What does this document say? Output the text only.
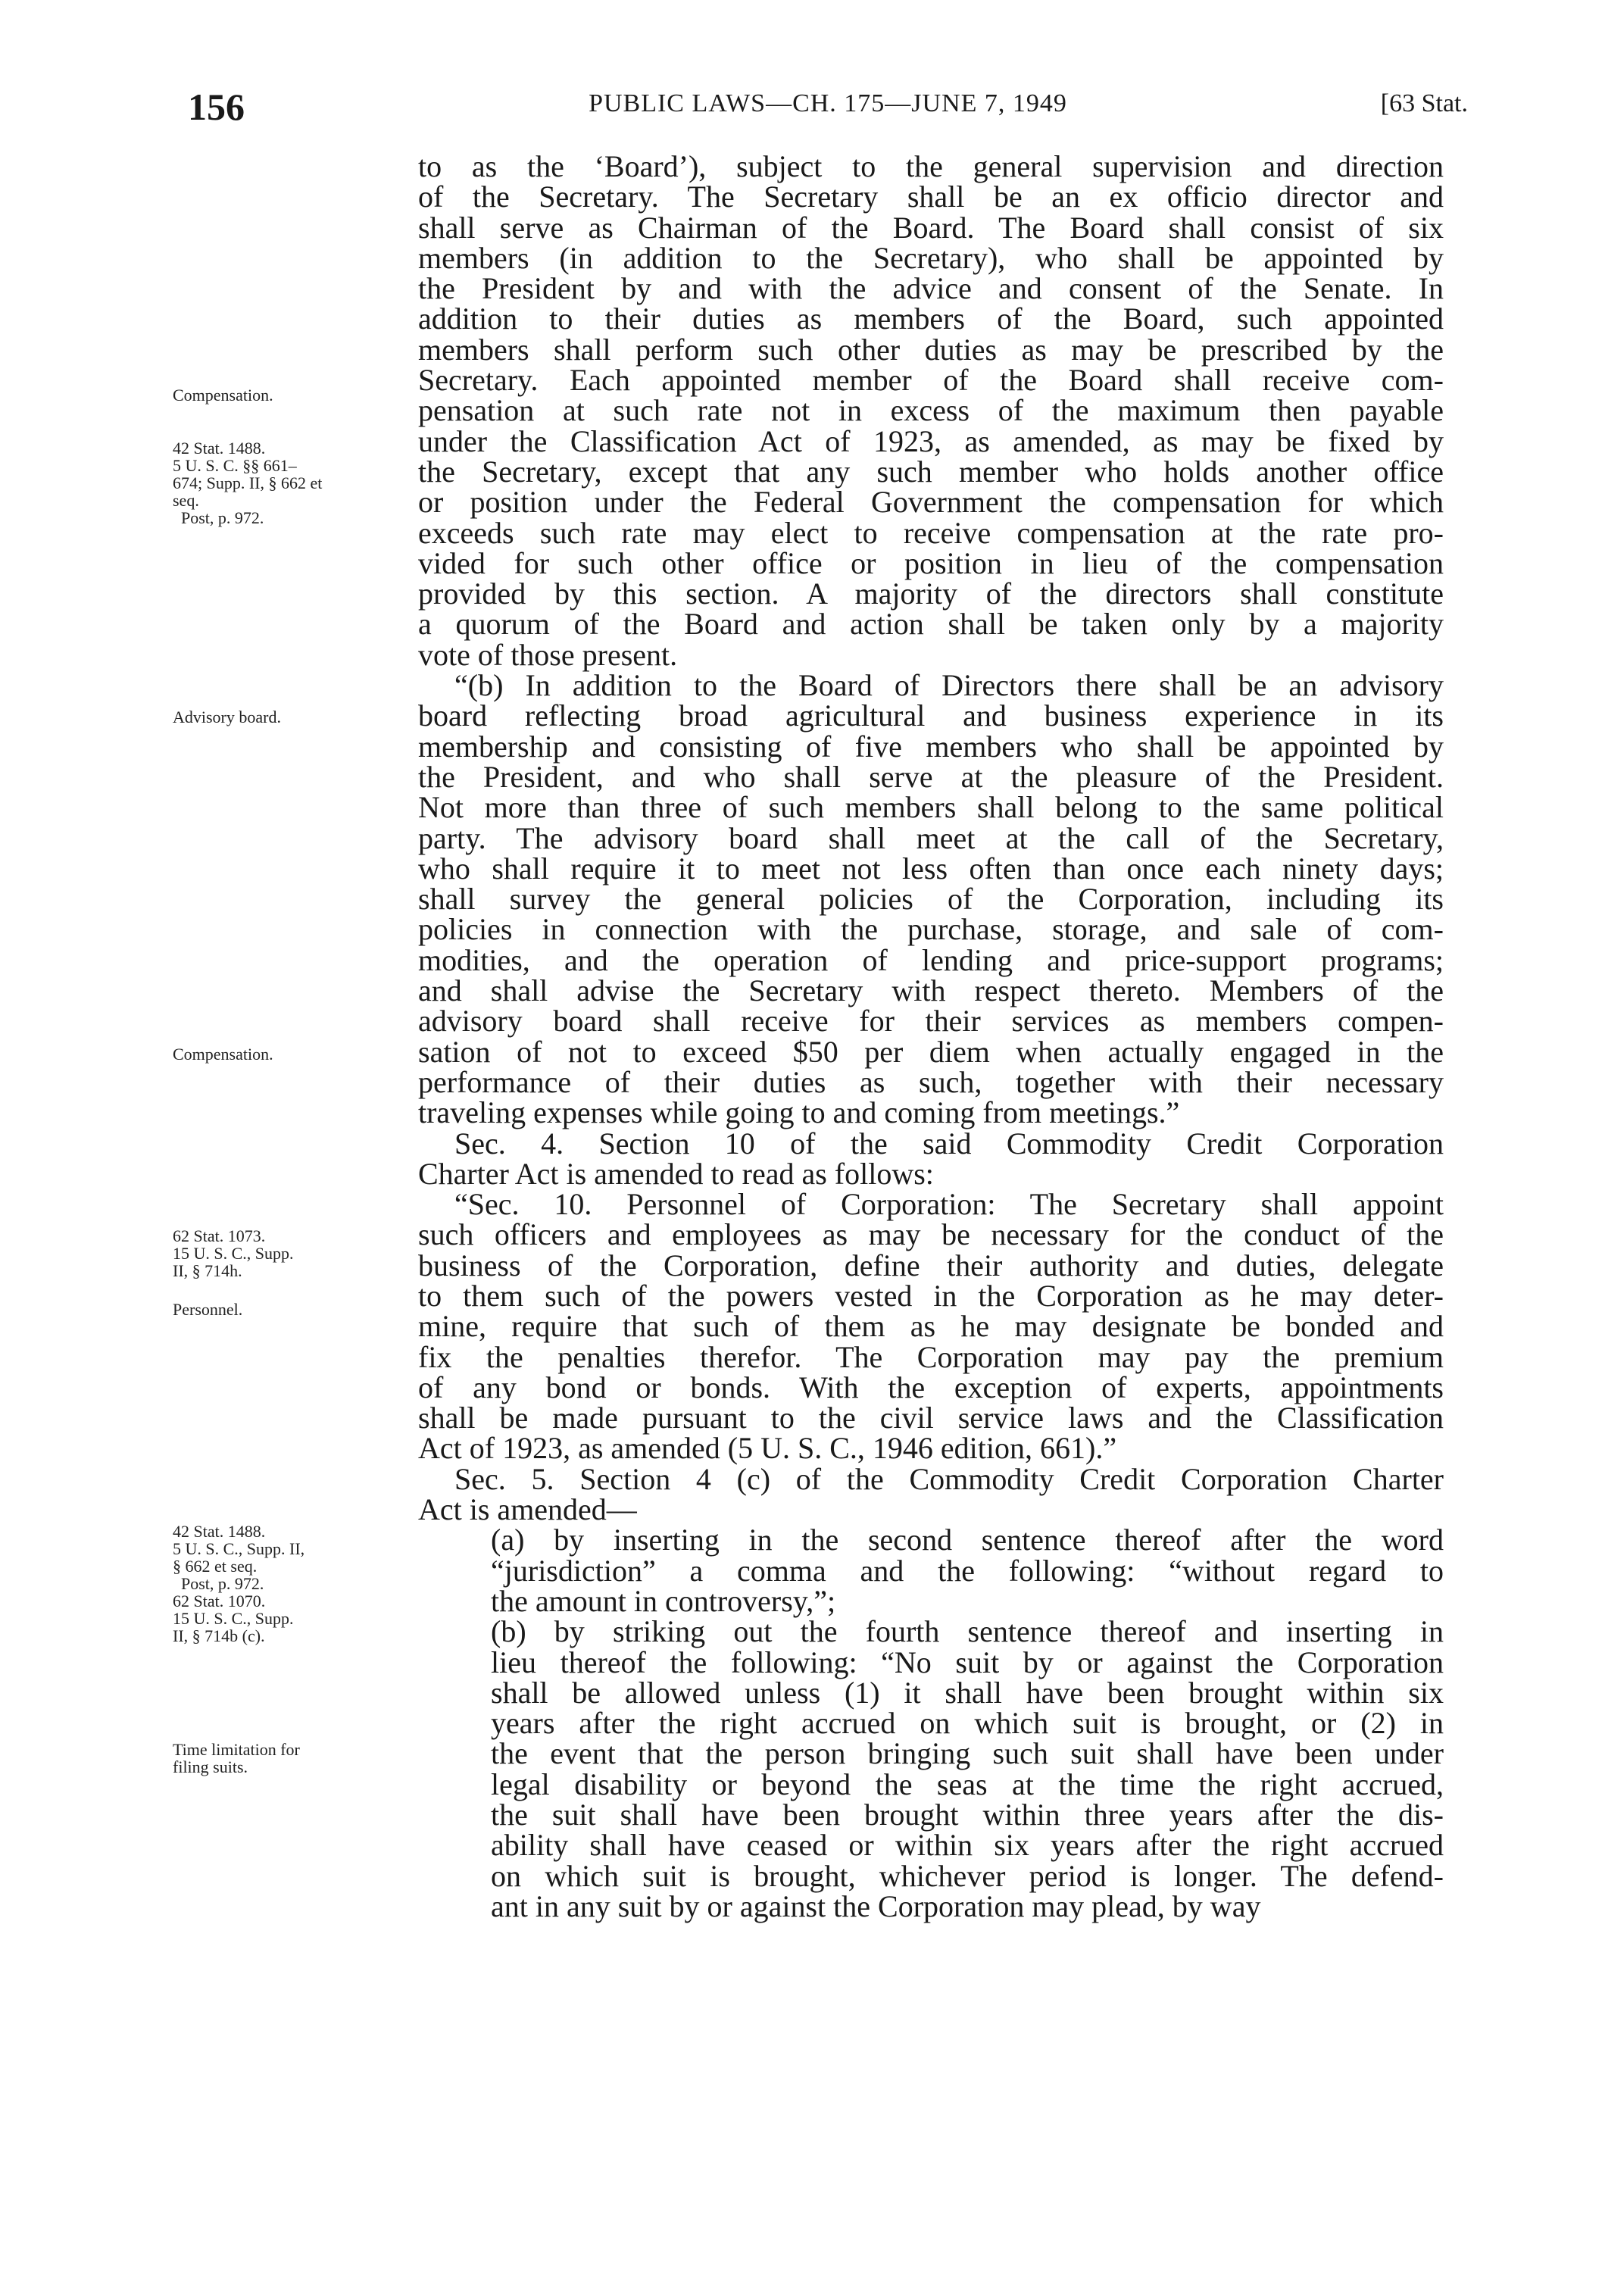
156	PUBLIC LAWS—CH. 175—JUNE 7, 1949	[63 Stat.
Compensation.
42 Stat. 1488.
5 U. S. C. §§ 661–
674; Supp. II, § 662 et
seq.
Post, p. 972.
Advisory board.
Compensation.
62 Stat. 1073.
15 U. S. C., Supp.
II, § 714h.
Personnel.
42 Stat. 1488.
5 U. S. C., Supp. II,
§ 662 et seq.
Post, p. 972.
62 Stat. 1070.
15 U. S. C., Supp.
II, § 714b (c).
Time limitation for
filing suits.
to as the ‘Board’), subject to the general supervision and direction
of the Secretary. The Secretary shall be an ex officio director and
shall serve as Chairman of the Board. The Board shall consist of six
members (in addition to the Secretary), who shall be appointed by
the President by and with the advice and consent of the Senate. In
addition to their duties as members of the Board, such appointed
members shall perform such other duties as may be prescribed by the
Secretary. Each appointed member of the Board shall receive com-
pensation at such rate not in excess of the maximum then payable
under the Classification Act of 1923, as amended, as may be fixed by
the Secretary, except that any such member who holds another office
or position under the Federal Government the compensation for which
exceeds such rate may elect to receive compensation at the rate pro-
vided for such other office or position in lieu of the compensation
provided by this section. A majority of the directors shall constitute
a quorum of the Board and action shall be taken only by a majority
vote of those present.
“(b) In addition to the Board of Directors there shall be an advisory
board reflecting broad agricultural and business experience in its
membership and consisting of five members who shall be appointed by
the President, and who shall serve at the pleasure of the President.
Not more than three of such members shall belong to the same political
party. The advisory board shall meet at the call of the Secretary,
who shall require it to meet not less often than once each ninety days;
shall survey the general policies of the Corporation, including its
policies in connection with the purchase, storage, and sale of com-
modities, and the operation of lending and price-support programs;
and shall advise the Secretary with respect thereto. Members of the
advisory board shall receive for their services as members compen-
sation of not to exceed $50 per diem when actually engaged in the
performance of their duties as such, together with their necessary
traveling expenses while going to and coming from meetings.”
Sec. 4. Section 10 of the said Commodity Credit Corporation
Charter Act is amended to read as follows:
“Sec. 10. Personnel of Corporation: The Secretary shall appoint
such officers and employees as may be necessary for the conduct of the
business of the Corporation, define their authority and duties, delegate
to them such of the powers vested in the Corporation as he may deter-
mine, require that such of them as he may designate be bonded and
fix the penalties therefor. The Corporation may pay the premium
of any bond or bonds. With the exception of experts, appointments
shall be made pursuant to the civil service laws and the Classification
Act of 1923, as amended (5 U. S. C., 1946 edition, 661).”
Sec. 5. Section 4 (c) of the Commodity Credit Corporation Charter
Act is amended—
(a) by inserting in the second sentence thereof after the word
“jurisdiction” a comma and the following: “without regard to
the amount in controversy,”;
(b) by striking out the fourth sentence thereof and inserting in
lieu thereof the following: “No suit by or against the Corporation
shall be allowed unless (1) it shall have been brought within six
years after the right accrued on which suit is brought, or (2) in
the event that the person bringing such suit shall have been under
legal disability or beyond the seas at the time the right accrued,
the suit shall have been brought within three years after the dis-
ability shall have ceased or within six years after the right accrued
on which suit is brought, whichever period is longer. The defend-
ant in any suit by or against the Corporation may plead, by way
